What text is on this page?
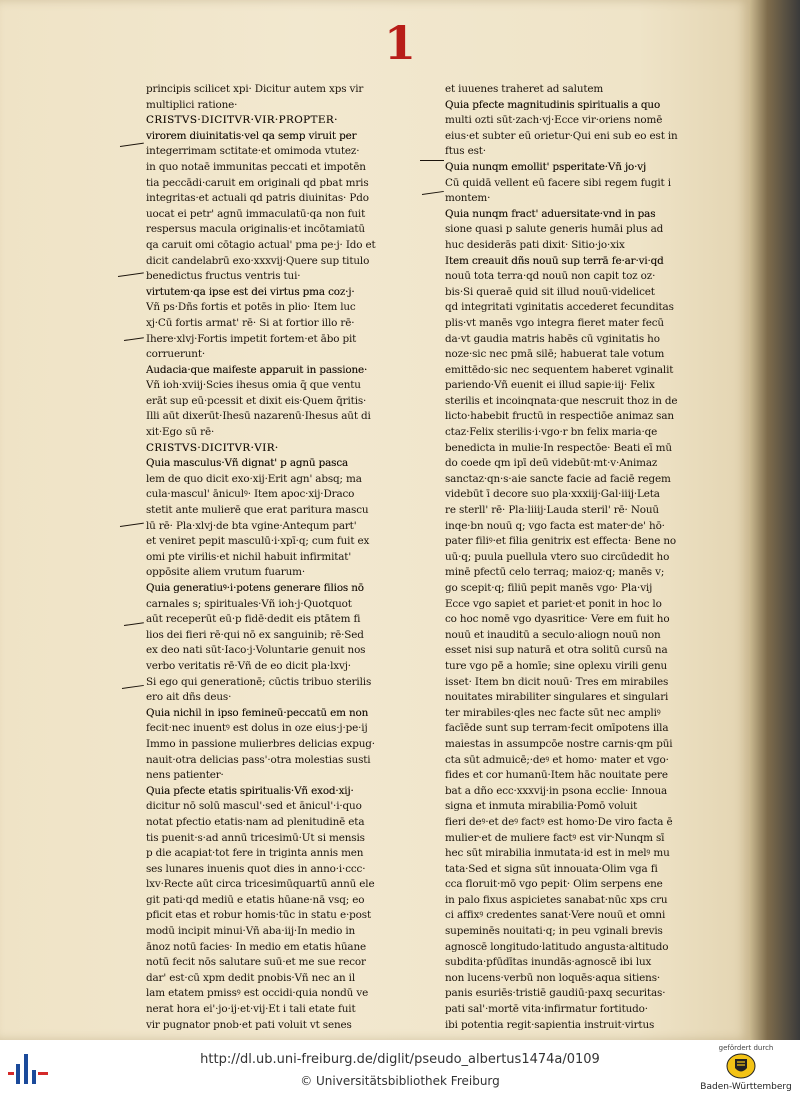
1
principis scilicet xpi· Dicitur autem xps vir
multiplici ratione·
CRISTVS·DICITVR·VIR·PROPTER·
virorem diuinitatis·vel qa semp viruit per
integerrimam sctitate·et omimoda vtutez·
in quo notaē immunitas peccati et impotēn
tia peccādi·caruit em originali qd pbat mris
integritas·et actuali qd patris diuinitas· Pdo
uocat ei petr' agnū immaculatū·qa non fuit
respersus macula originalis·et incōtamiatū
qa caruit omi cōtagio actual' pma pe·j· Ido et
dicit candelabrū exo·xxxvij·Quere sup titulo
benedictus fructus ventris tui·
virtutem·qa ipse est dei virtus pma coz·j·
Vñ ps·Dñs fortis et potēs in plio· Item luc
xj·Cū fortis armat' rē· Si at fortior illo rē·
Ihere·xlvj·Fortis impetit fortem·et ābo pit
corruerunt·
Audacia·que maifeste apparuit in passione·
Vñ ioh·xviij·Scies ihesus omia q̄ que ventu
erāt sup eū·pcessit et dixit eis·Quem q̄ritis·
Illi aūt dixerūt·Ihesū nazarenū·Ihesus aūt di
xit·Ego sū rē·
CRISTVS·DICITVR·VIR·
Quia masculus·Vñ dignat' p agnū pasca
lem de quo dicit exo·xij·Erit agn' absq; ma
cula·mascul' āniculꝰ· Item apoc·xij·Draco
stetit ante mulierē que erat paritura mascu
lū rē· Pla·xlvj·de bta vgine·Antequm part'
et veniret pepit masculū·i·xpī·q; cum fuit ex
omi pte virilis·et nichil habuit infirmitat'
oppōsite aliem vrutum fuarum·
Quia generatiuꝰ·i·potens generare filios nō
carnales s; spirituales·Vñ ioh·j·Quotquot
aūt receperūt eū·p fidē·dedit eis ptātem fi
lios dei fieri rē·qui nō ex sanguinib; rē·Sed
ex deo nati sūt·Iaco·j·Voluntarie genuit nos
verbo veritatis rē·Vñ de eo dicit pla·lxvj·
Si ego qui generationē; cūctis tribuo sterilis
ero ait dñs deus·
Quia nichil in ipso femineū·peccatū em non
fecit·nec inuentꝰ est dolus in oze eius·j·pe·ij
Immo in passione mulierbres delicias expug·
nauit·otra delicias pass'·otra molestias susti
nens patienter·
Quia pfecte etatis spiritualis·Vñ exod·xij·
dicitur nō solū mascul'·sed et ānicul'·i·quo
notat pfectio etatis·nam ad plenitudinē eta
tis puenit·s·ad annū tricesimū·Ut si mensis
p die acapiat·tot fere in triginta annis men
ses lunares inuenis quot dies in anno·i·ccc·
lxv·Recte aūt circa tricesimūquartū annū ele
git pati·qd mediū e etatis hūane·nā vsq; eo
pficit etas et robur homis·tūc in statu e·post
modū incipit minui·Vñ aba·iij·In medio in
ānoz notū facies· In medio em etatis hūane
notū fecit nōs salutare suū·et me sue recor
dar' est·cū xpm dedit pnobis·Vñ nec an il
lam etatem pmissꝰ est occidi·quia nondū ve
nerat hora ei'·jo·ij·et·vij·Et i tali etate fuit
vir pugnator pnob·et pati voluit vt senes
et iuuenes traheret ad salutem
Quia pfecte magnitudinis spiritualis a quo
multi ozti sūt·zach·vj·Ecce vir·oriens nomē
eius·et subter eū orietur·Qui eni sub eo est in
ftus est·
Quia nunqm emollit' psperitate·Vñ jo·vj
Cū quidā vellent eū facere sibi regem fugit i
montem·
Quia nunqm fract' aduersitate·vnd in pas
sione quasi p salute generis humāi plus ad
huc desiderās pati dixit· Sitio·jo·xix
Item creauit dñs nouū sup terrā fe·ar·vi·qd
nouū tota terra·qd nouū non capit toz oz·
bis·Si queraē quid sit illud nouū·videlicet
qd integritati vginitatis accederet fecunditas
plis·vt manēs vgo integra fieret mater fecū
da·vt gaudia matris habēs cū vginitatis ho
noze·sic nec pmā silē; habuerat tale votum
emittēdo·sic nec sequentem haberet vginalit
pariendo·Vñ euenit ei illud sapie·iij· Felix
sterilis et incoinqnata·que nescruit thoz in de
licto·habebit fructū in respectiōe animaz san
ctaz·Felix sterilis·i·vgo·r bn felix maria·qe
benedicta in mulie·In respectōe· Beati eī mū
do coede qm ipī deū videbūt·mt·v·Animaz
sanctaz·qn·s·aie sancte facie ad faciē regem
videbūt ī decore suo pla·xxxiij·Gal·iiij·Leta
re sterll' rē· Pla·liiij·Lauda steril' rē· Nouū
inqe·bn nouū q; vgo facta est mater·de' hō·
pater filiꝰ·et filia genitrix est effecta· Bene no
uū·q; puula puellula vtero suo circūdedit ho
minē pfectū celo terraq; maioz·q; manēs v;
go scepit·q; filiū pepit manēs vgo· Pla·vij
Ecce vgo sapiet et pariet·et ponit in hoc lo
co hoc nomē vgo dyasritice· Vere em fuit ho
nouū et inauditū a seculo·aliogn nouū non
esset nisi sup naturā et otra solitū cursū na
ture vgo pē̄ a homīe; sine oplexu virili genu
isset· Item bn dicit nouū· Tres em mirabiles
nouitates mirabiliter singulares et singulari
ter mirabiles·qles nec facte sūt nec ampliꝰ
facīēde sunt sup terram·fecit omīpotens illa
maiestas in assumpcōe nostre carnis·qm pūi
cta sūt admuicē;·deꝰ et homo· mater et vgo·
fides et cor humanū·Item hāc nouitate pere
bat a dño ecc·xxxvij·in psona ecclie· Innoua
signa et inmuta mirabilia·Pomō voluit
fieri deꝰ·et deꝰ factꝰ est homo·De viro facta ē
mulier·et de muliere factꝰ est vir·Nunqm sī
hec sūt mirabilia inmutata·id est in melꝰ mu
tata·Sed et signa sūt innouata·Olim vga fi
cca floruit·mō vgo pepit· Olim serpens ene
in palo fixus aspicietes sanabat·nūc xps cru
ci affixꝰ credentes sanat·Vere nouū et omni
supeminēs nouitati·q; in peu vginali brevis
agnoscē longitudo·latitudo angusta·altitudo
subdita·pfūdītas inundās·agnoscē ibi lux
non lucens·verbū non loquēs·aqua sitiens·
panis esuriēs·tristiē gaudiū·paxq securitas·
pati sal'·mortē vita·infirmatur fortitudo·
ibi potentia regit·sapientia instruit·virtus
http://dl.ub.uni-freiburg.de/diglit/pseudo_albertus1474a/0109
© Universitätsbibliothek Freiburg
gefördert durch
Baden-Württemberg
